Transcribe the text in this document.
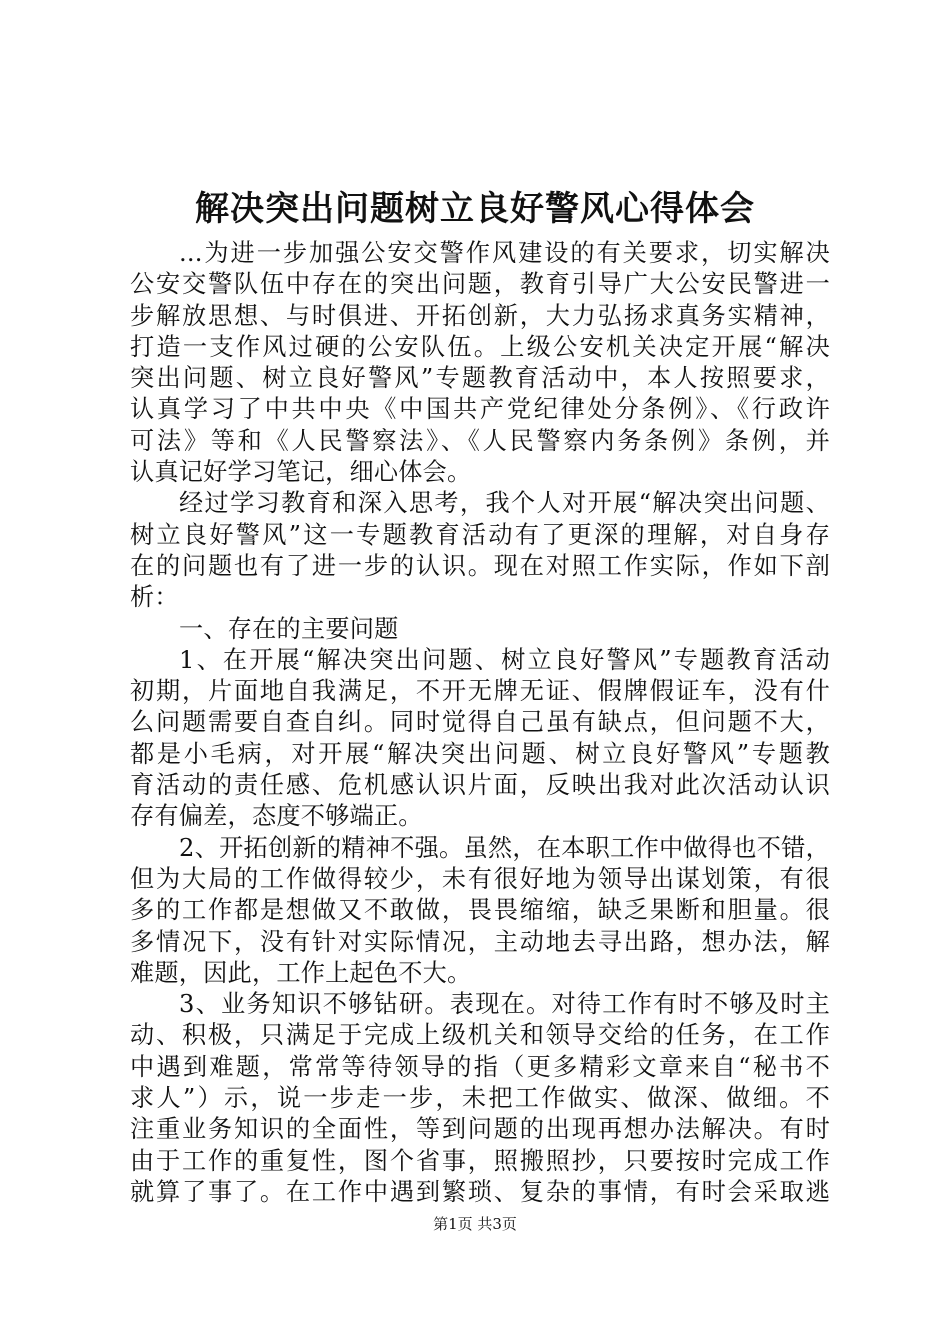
解决突出问题树立良好警风心得体会
...为进一步加强公安交警作风建设的有关要求，切实解决
公安交警队伍中存在的突出问题，教育引导广大公安民警进一
步解放思想、与时俱进、开拓创新，大力弘扬求真务实精神，
打造一支作风过硬的公安队伍。上级公安机关决定开展“解决
突出问题、树立良好警风”专题教育活动中，本人按照要求，
认真学习了中共中央《中国共产党纪律处分条例》、《行政许
可法》等和《人民警察法》、《人民警察内务条例》条例，并
认真记好学习笔记，细心体会。
经过学习教育和深入思考，我个人对开展“解决突出问题、
树立良好警风”这一专题教育活动有了更深的理解，对自身存
在的问题也有了进一步的认识。现在对照工作实际，作如下剖
析：
一、存在的主要问题
1、在开展“解决突出问题、树立良好警风”专题教育活动
初期，片面地自我满足，不开无牌无证、假牌假证车，没有什
么问题需要自查自纠。同时觉得自己虽有缺点，但问题不大，
都是小毛病，对开展“解决突出问题、树立良好警风”专题教
育活动的责任感、危机感认识片面，反映出我对此次活动认识
存有偏差，态度不够端正。
2、开拓创新的精神不强。虽然，在本职工作中做得也不错，
但为大局的工作做得较少，未有很好地为领导出谋划策，有很
多的工作都是想做又不敢做，畏畏缩缩，缺乏果断和胆量。很
多情况下，没有针对实际情况，主动地去寻出路，想办法，解
难题，因此，工作上起色不大。
3、业务知识不够钻研。表现在。对待工作有时不够及时主
动、积极，只满足于完成上级机关和领导交给的任务，在工作
中遇到难题，常常等待领导的指（更多精彩文章来自“秘书不
求人”）示，说一步走一步，未把工作做实、做深、做细。不
注重业务知识的全面性，等到问题的出现再想办法解决。有时
由于工作的重复性，图个省事，照搬照抄，只要按时完成工作
就算了事了。在工作中遇到繁琐、复杂的事情，有时会采取逃
第1页 共3页
